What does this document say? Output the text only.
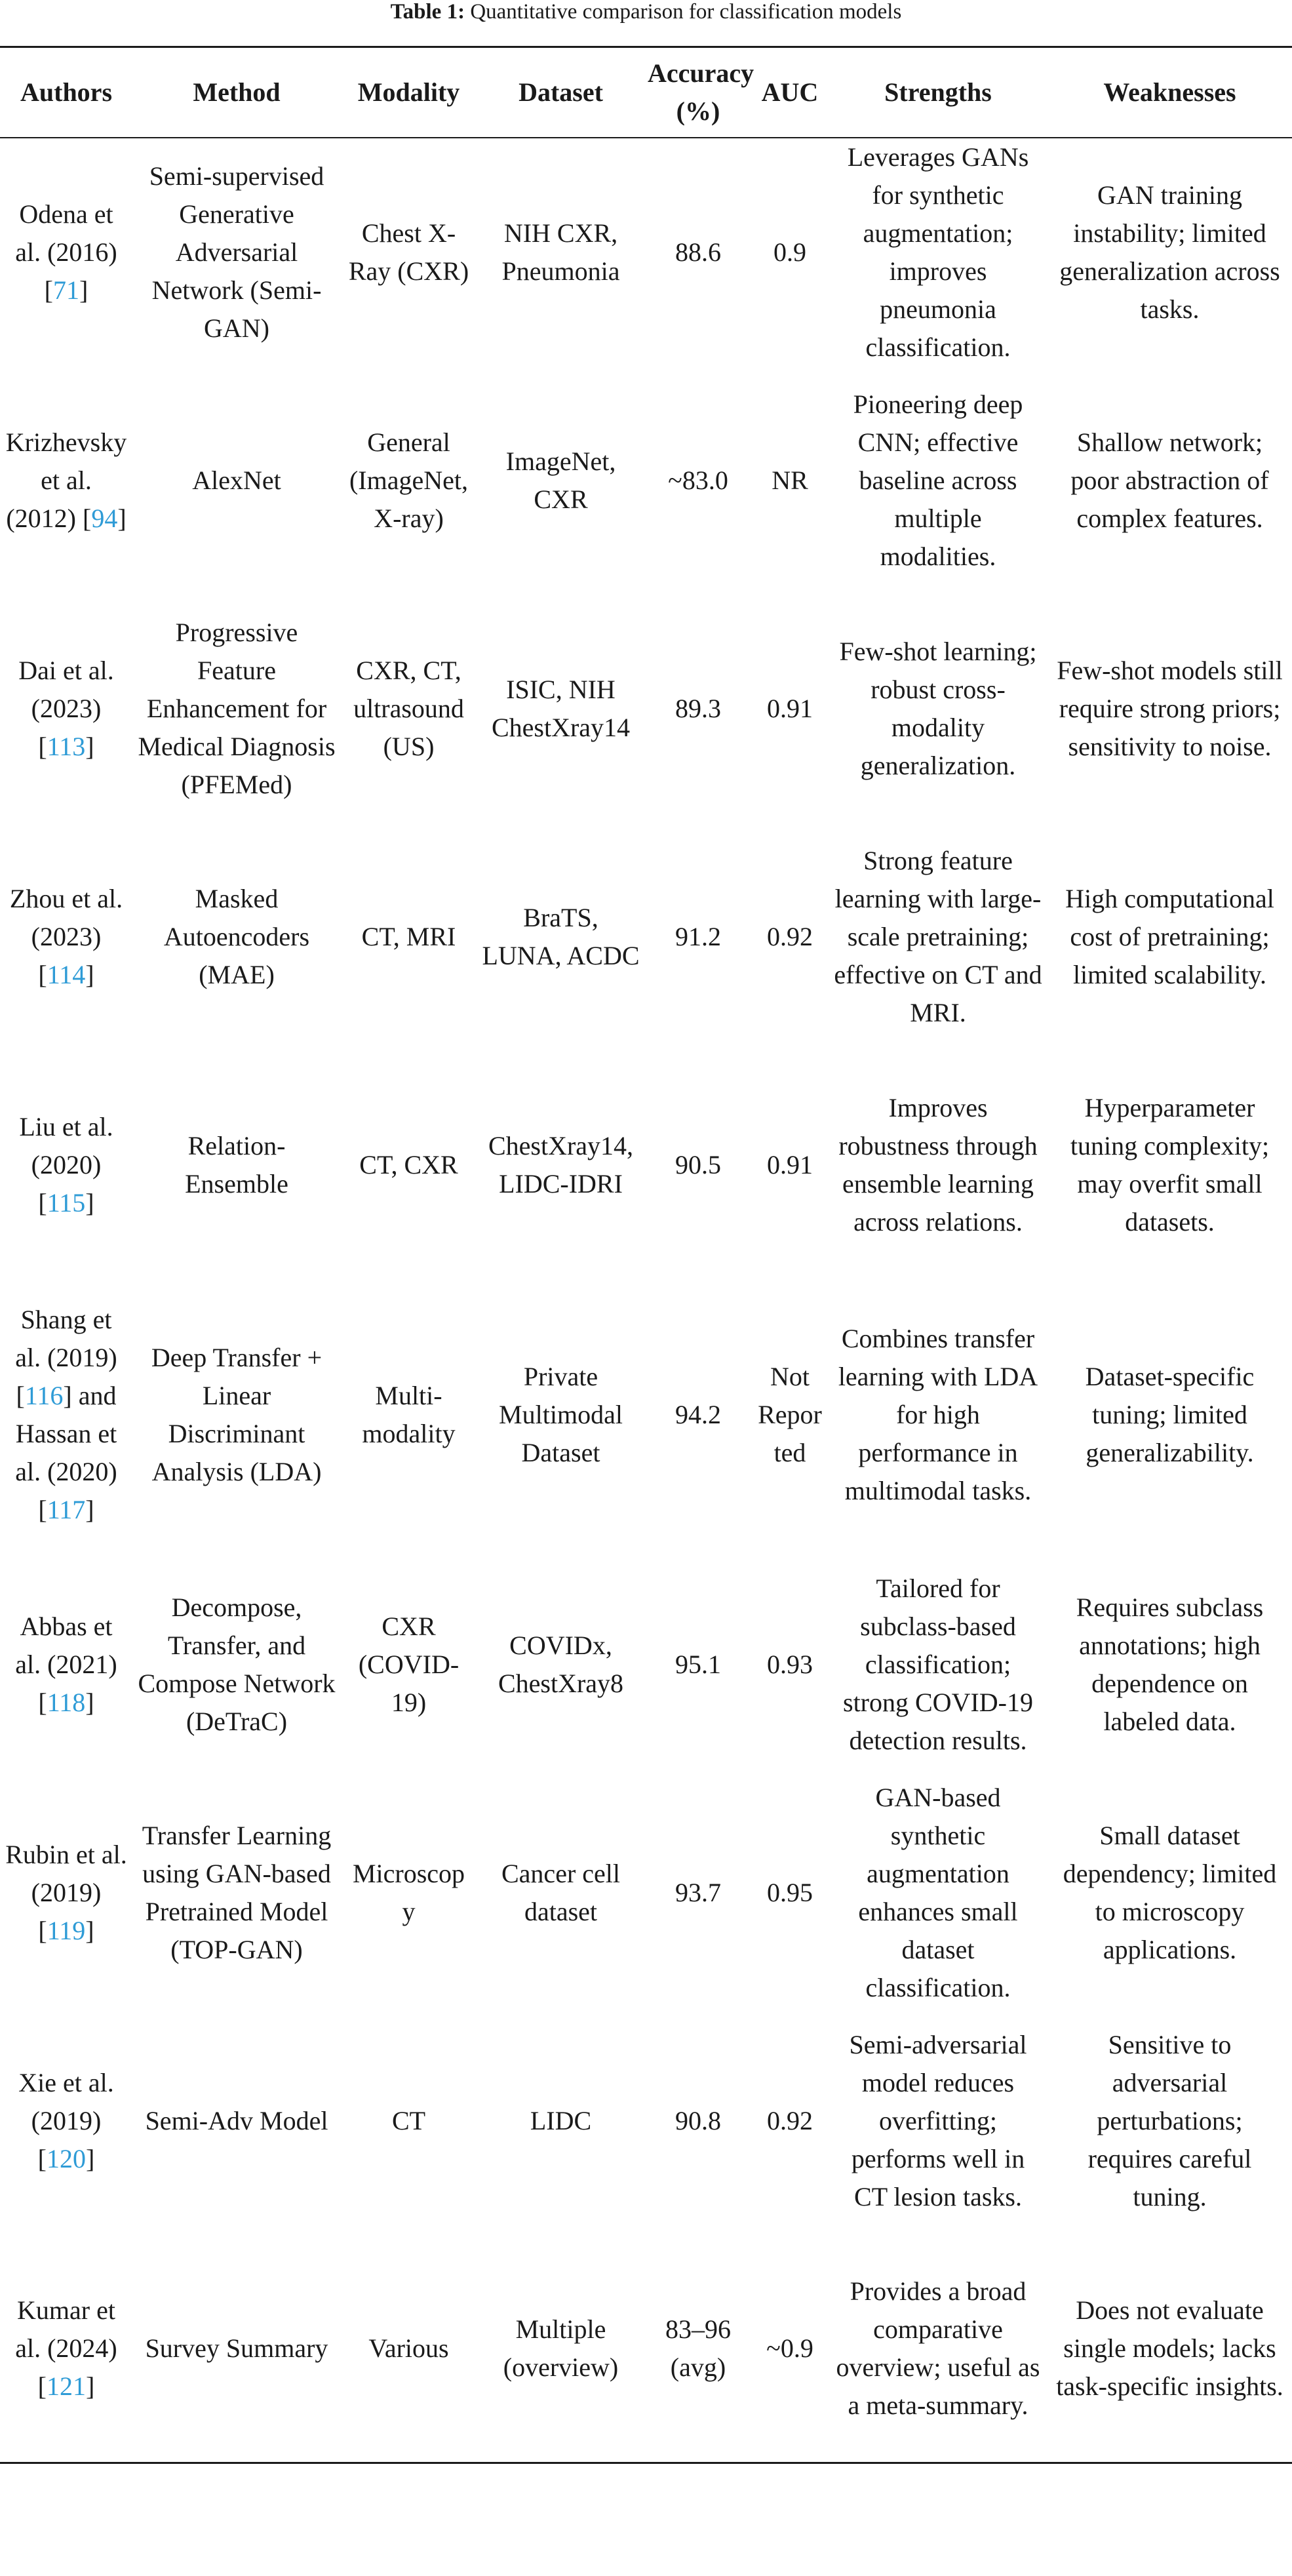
Table 1: Quantitative comparison for classification models
Authors	Method	Modality	Dataset	Accuracy (%)	AUC	Strengths	Weaknesses
Odena et al. (2016) [71]	Semi-supervised Generative Adversarial Network (Semi-GAN)	Chest X-Ray (CXR)	NIH CXR, Pneumonia	88.6	0.9	Leverages GANs for synthetic augmentation; improves pneumonia classification.	GAN training instability; limited generalization across tasks.
Krizhevsky et al. (2012) [94]	AlexNet	General (ImageNet, X-ray)	ImageNet, CXR	~83.0	NR	Pioneering deep CNN; effective baseline across multiple modalities.	Shallow network; poor abstraction of complex features.
Dai et al. (2023) [113]	Progressive Feature Enhancement for Medical Diagnosis (PFEMed)	CXR, CT, ultrasound (US)	ISIC, NIH ChestXray14	89.3	0.91	Few-shot learning; robust cross-modality generalization.	Few-shot models still require strong priors; sensitivity to noise.
Zhou et al. (2023) [114]	Masked Autoencoders (MAE)	CT, MRI	BraTS, LUNA, ACDC	91.2	0.92	Strong feature learning with large-scale pretraining; effective on CT and MRI.	High computational cost of pretraining; limited scalability.
Liu et al. (2020) [115]	Relation-Ensemble	CT, CXR	ChestXray14, LIDC-IDRI	90.5	0.91	Improves robustness through ensemble learning across relations.	Hyperparameter tuning complexity; may overfit small datasets.
Shang et al. (2019) [116] and Hassan et al. (2020) [117]	Deep Transfer + Linear Discriminant Analysis (LDA)	Multi-modality	Private Multimodal Dataset	94.2	Not Reported	Combines transfer learning with LDA for high performance in multimodal tasks.	Dataset-specific tuning; limited generalizability.
Abbas et al. (2021) [118]	Decompose, Transfer, and Compose Network (DeTraC)	CXR (COVID-19)	COVIDx, ChestXray8	95.1	0.93	Tailored for subclass-based classification; strong COVID-19 detection results.	Requires subclass annotations; high dependence on labeled data.
Rubin et al. (2019) [119]	Transfer Learning using GAN-based Pretrained Model (TOP-GAN)	Microscopy	Cancer cell dataset	93.7	0.95	GAN-based synthetic augmentation enhances small dataset classification.	Small dataset dependency; limited to microscopy applications.
Xie et al. (2019) [120]	Semi-Adv Model	CT	LIDC	90.8	0.92	Semi-adversarial model reduces overfitting; performs well in CT lesion tasks.	Sensitive to adversarial perturbations; requires careful tuning.
Kumar et al. (2024) [121]	Survey Summary	Various	Multiple (overview)	83–96 (avg)	~0.9	Provides a broad comparative overview; useful as a meta-summary.	Does not evaluate single models; lacks task-specific insights.
